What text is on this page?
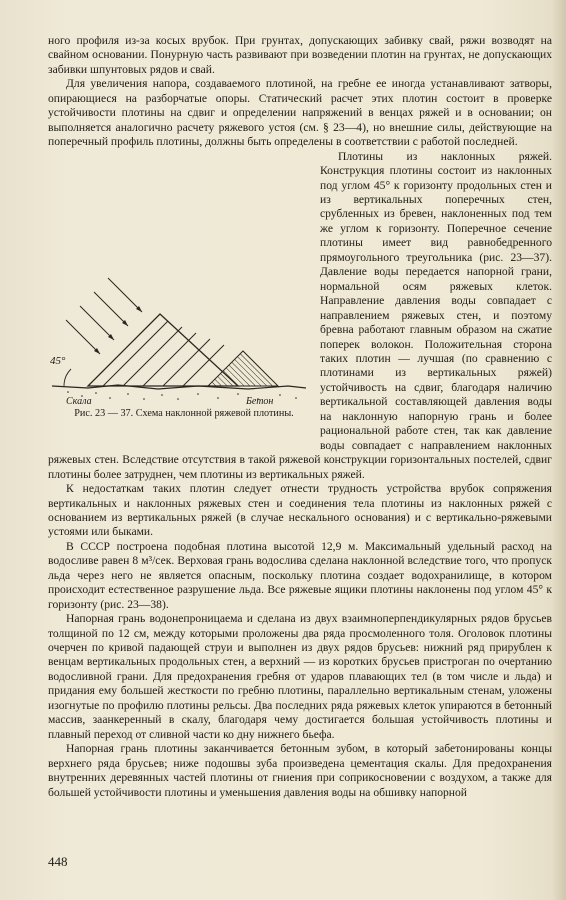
ного профиля из-за косых врубок. При грунтах, допускающих забивку свай, ряжи возводят на свайном основании. Понурную часть развивают при возведении плотин на грунтах, не допускающих забивки шпунтовых рядов и свай.

Для увеличения напора, создаваемого плотиной, на гребне ее иногда устанавливают затворы, опирающиеся на разборчатые опоры. Статический расчет этих плотин состоит в проверке устойчивости плотины на сдвиг и определении напряжений в венцах ряжей и в основании; он выполняется аналогично расчету ряжевого устоя (см. § 23—4), но внешние силы, действующие на поперечный профиль плотины, должны быть определены в соответствии с работой последней.

45°
Скала	Бетон
Рис. 23 — 37. Схема наклонной ряжевой плотины.

Плотины из наклонных ряжей. Конструкция плотины состоит из наклонных под углом 45° к горизонту продольных стен и из вертикальных поперечных стен, срубленных из бревен, наклоненных под тем же углом к горизонту. Поперечное сечение плотины имеет вид равнобедренного прямоугольного треугольника (рис. 23—37). Давление воды передается напорной грани, нормальной осям ряжевых клеток. Направление давления воды совпадает с направлением ряжевых стен, и поэтому бревна работают главным образом на сжатие поперек волокон. Положительная сторона таких плотин — лучшая (по сравнению с плотинами из вертикальных ряжей) устойчивость на сдвиг, благодаря наличию вертикальной составляющей давления воды на наклонную напорную грань и более рациональной работе стен, так как давление воды совпадает с направлением наклонных ряжевых стен. Вследствие отсутствия в такой ряжевой конструкции горизонтальных постелей, сдвиг плотины более затруднен, чем плотины из вертикальных ряжей.

К недостаткам таких плотин следует отнести трудность устройства врубок сопряжения вертикальных и наклонных ряжевых стен и соединения тела плотины из наклонных ряжей с основанием из вертикальных ряжей (в случае нескального основания) и с вертикально-ряжевыми устоями или быками.

В СССР построена подобная плотина высотой 12,9 м. Максимальный удельный расход на водосливе равен 8 м³/сек. Верховая грань водослива сделана наклонной вследствие того, что пропуск льда через него не является опасным, поскольку плотина создает водохранилище, в котором происходит естественное разрушение льда. Все ряжевые ящики плотины наклонены под углом 45° к горизонту (рис. 23—38).

Напорная грань водонепроницаема и сделана из двух взаимноперпендикулярных рядов брусьев толщиной по 12 см, между которыми проложены два ряда просмоленного толя. Оголовок плотины очерчен по кривой падающей струи и выполнен из двух рядов брусьев: нижний ряд прирублен к венцам вертикальных продольных стен, а верхний — из коротких брусьев пристроган по очертанию водосливной грани. Для предохранения гребня от ударов плавающих тел (в том числе и льда) и придания ему большей жесткости по гребню плотины, параллельно вертикальным стенам, уложены изогнутые по профилю плотины рельсы. Два последних ряда ряжевых клеток упираются в бетонный массив, заанкеренный в скалу, благодаря чему достигается большая устойчивость плотины и плавный переход от сливной части ко дну нижнего бьефа.

Напорная грань плотины заканчивается бетонным зубом, в который забетонированы концы верхнего ряда брусьев; ниже подошвы зуба произведена цементация скалы. Для предохранения внутренних деревянных частей плотины от гниения при соприкосновении с воздухом, а также для большей устойчивости плотины и уменьшения давления воды на обшивку напорной

448
